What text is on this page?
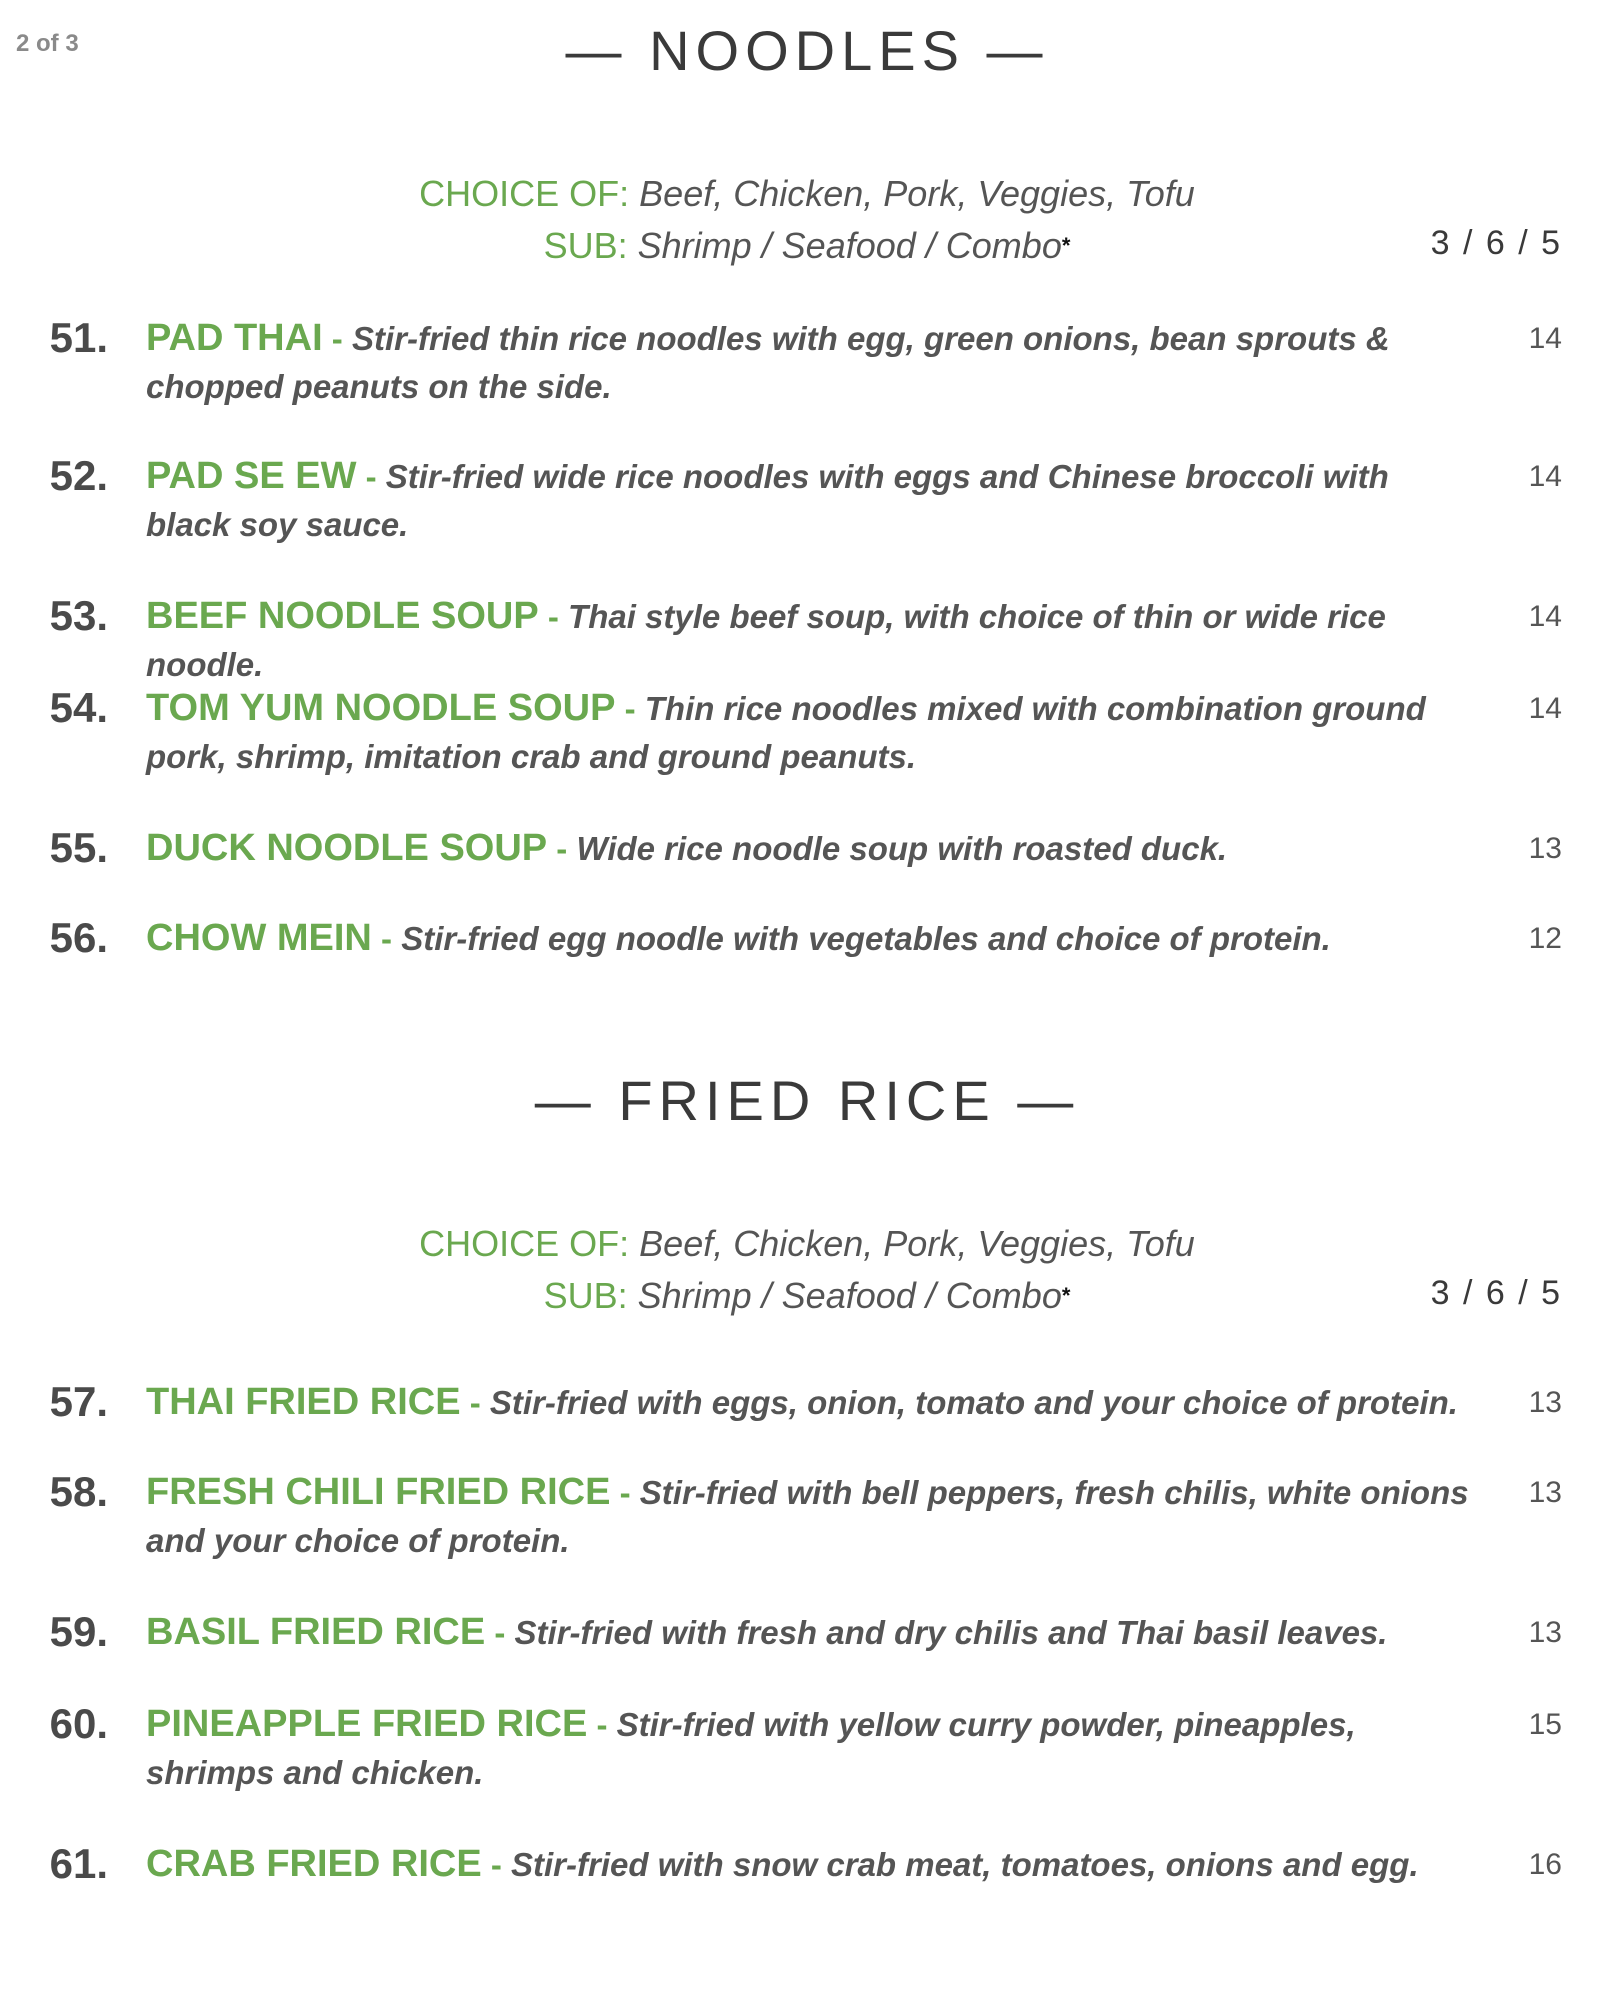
2 of 3	— NOODLES —
CHOICE OF: Beef, Chicken, Pork, Veggies, Tofu
SUB: Shrimp / Seafood / Combo*	3 / 6 / 5
51. PAD THAI - Stir-fried thin rice noodles with egg, green onions, bean sprouts & chopped peanuts on the side.
14
52. PAD SE EW - Stir-fried wide rice noodles with eggs and Chinese broccoli with black soy sauce.
14
53. BEEF NOODLE SOUP - Thai style beef soup, with choice of thin or wide rice noodle.
14
54. TOM YUM NOODLE SOUP - Thin rice noodles mixed with combination ground pork, shrimp, imitation crab and ground peanuts.
14
55. DUCK NOODLE SOUP - Wide rice noodle soup with roasted duck.	13
56. CHOW MEIN - Stir-fried egg noodle with vegetables and choice of protein.	12
— FRIED RICE —
CHOICE OF: Beef, Chicken, Pork, Veggies, Tofu
SUB: Shrimp / Seafood / Combo*	3 / 6 / 5
57. THAI FRIED RICE - Stir-fried with eggs, onion, tomato and your choice of protein.	13
58. FRESH CHILI FRIED RICE - Stir-fried with bell peppers, fresh chilis, white onions and your choice of protein.
13
59. BASIL FRIED RICE - Stir-fried with fresh and dry chilis and Thai basil leaves.	13
60. PINEAPPLE FRIED RICE - Stir-fried with yellow curry powder, pineapples, shrimps and chicken.
15
61. CRAB FRIED RICE - Stir-fried with snow crab meat, tomatoes, onions and egg.	16
